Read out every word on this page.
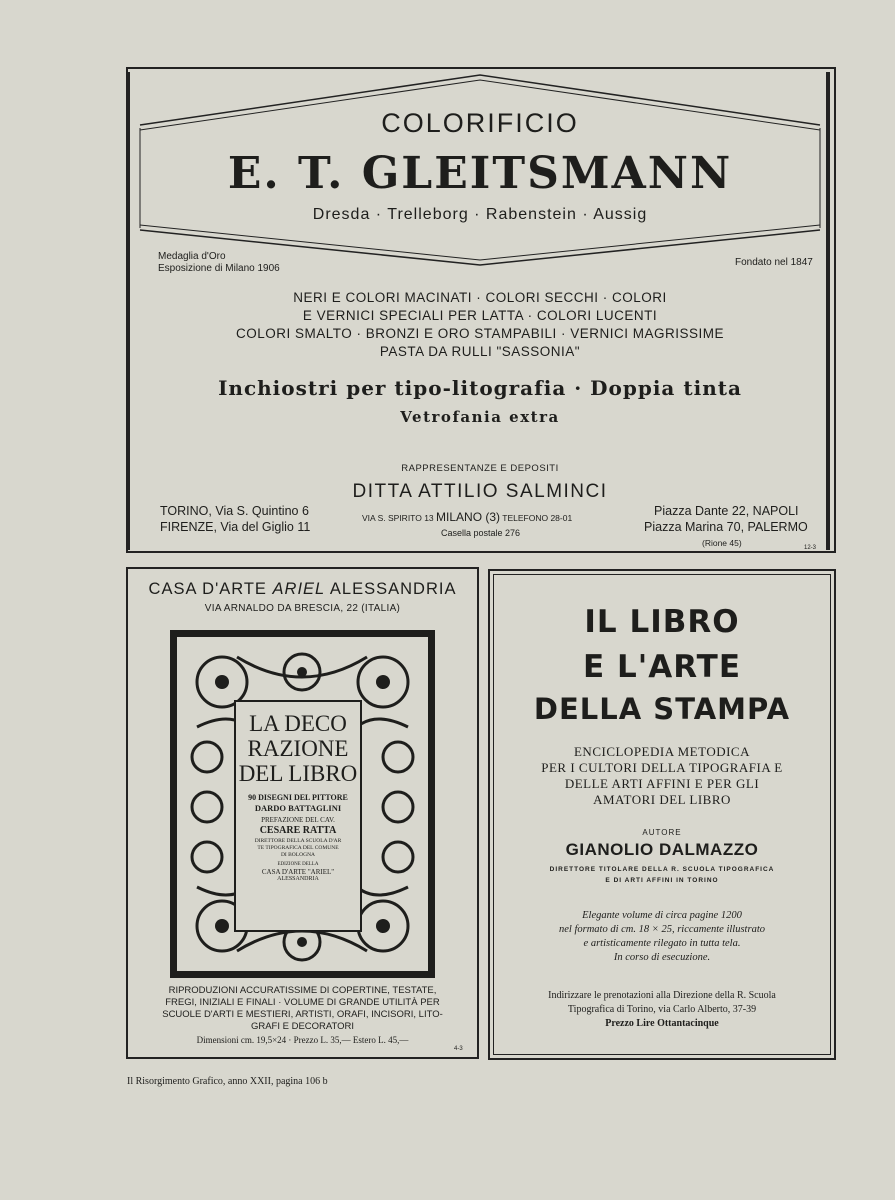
COLORIFICIO
E. T. GLEITSMANN
Dresda · Trelleborg · Rabenstein · Aussig
Medaglia d'Oro
Esposizione di Milano 1906
Fondato nel 1847
NERI E COLORI MACINATI · COLORI SECCHI · COLORI
E VERNICI SPECIALI PER LATTA · COLORI LUCENTI
COLORI SMALTO · BRONZI E ORO STAMPABILI · VERNICI MAGRISSIME
PASTA DA RULLI "SASSONIA"
Inchiostri per tipo-litografia · Doppia tinta
Vetrofania extra
RAPPRESENTANZE E DEPOSITI
DITTA ATTILIO SALMINCI
TORINO, Via S. Quintino 6
FIRENZE, Via del Giglio 11
VIA S. SPIRITO 13 MILANO (3) TELEFONO 28-01
Casella postale 276
Piazza Dante 22, NAPOLI
Piazza Marina 70, PALERMO
(Rione 45)	12-3
CASA D'ARTE ARIEL ALESSANDRIA
VIA ARNALDO DA BRESCIA, 22 (ITALIA)
LA DECO
RAZIONE
DEL LIBRO
90 DISEGNI DEL PITTORE
DARDO BATTAGLINI
PREFAZIONE DEL CAV.
CESARE RATTA
DIRETTORE DELLA SCUOLA D'AR
TE TIPOGRAFICA DEL COMUNE
DI BOLOGNA
EDIZIONE DELLA
CASA D'ARTE "ARIEL"
ALESSANDRIA
RIPRODUZIONI ACCURATISSIME DI COPERTINE, TESTATE,
FREGI, INIZIALI E FINALI · VOLUME DI GRANDE UTILITÀ PER
SCUOLE D'ARTI E MESTIERI, ARTISTI, ORAFI, INCISORI, LITO-
GRAFI E DECORATORI
Dimensioni cm. 19,5×24 · Prezzo L. 35,— Estero L. 45,—
4-3
IL LIBRO
E L'ARTE
DELLA STAMPA
ENCICLOPEDIA METODICA
PER I CULTORI DELLA TIPOGRAFIA E
DELLE ARTI AFFINI E PER GLI
AMATORI DEL LIBRO
AUTORE
GIANOLIO DALMAZZO
DIRETTORE TITOLARE DELLA R. SCUOLA TIPOGRAFICA
E DI ARTI AFFINI IN TORINO
Elegante volume di circa pagine 1200
nel formato di cm. 18 × 25, riccamente illustrato
e artisticamente rilegato in tutta tela.
In corso di esecuzione.
Indirizzare le prenotazioni alla Direzione della R. Scuola
Tipografica di Torino, via Carlo Alberto, 37-39
Prezzo Lire Ottantacinque
Il Risorgimento Grafico, anno XXII, pagina 106 b
